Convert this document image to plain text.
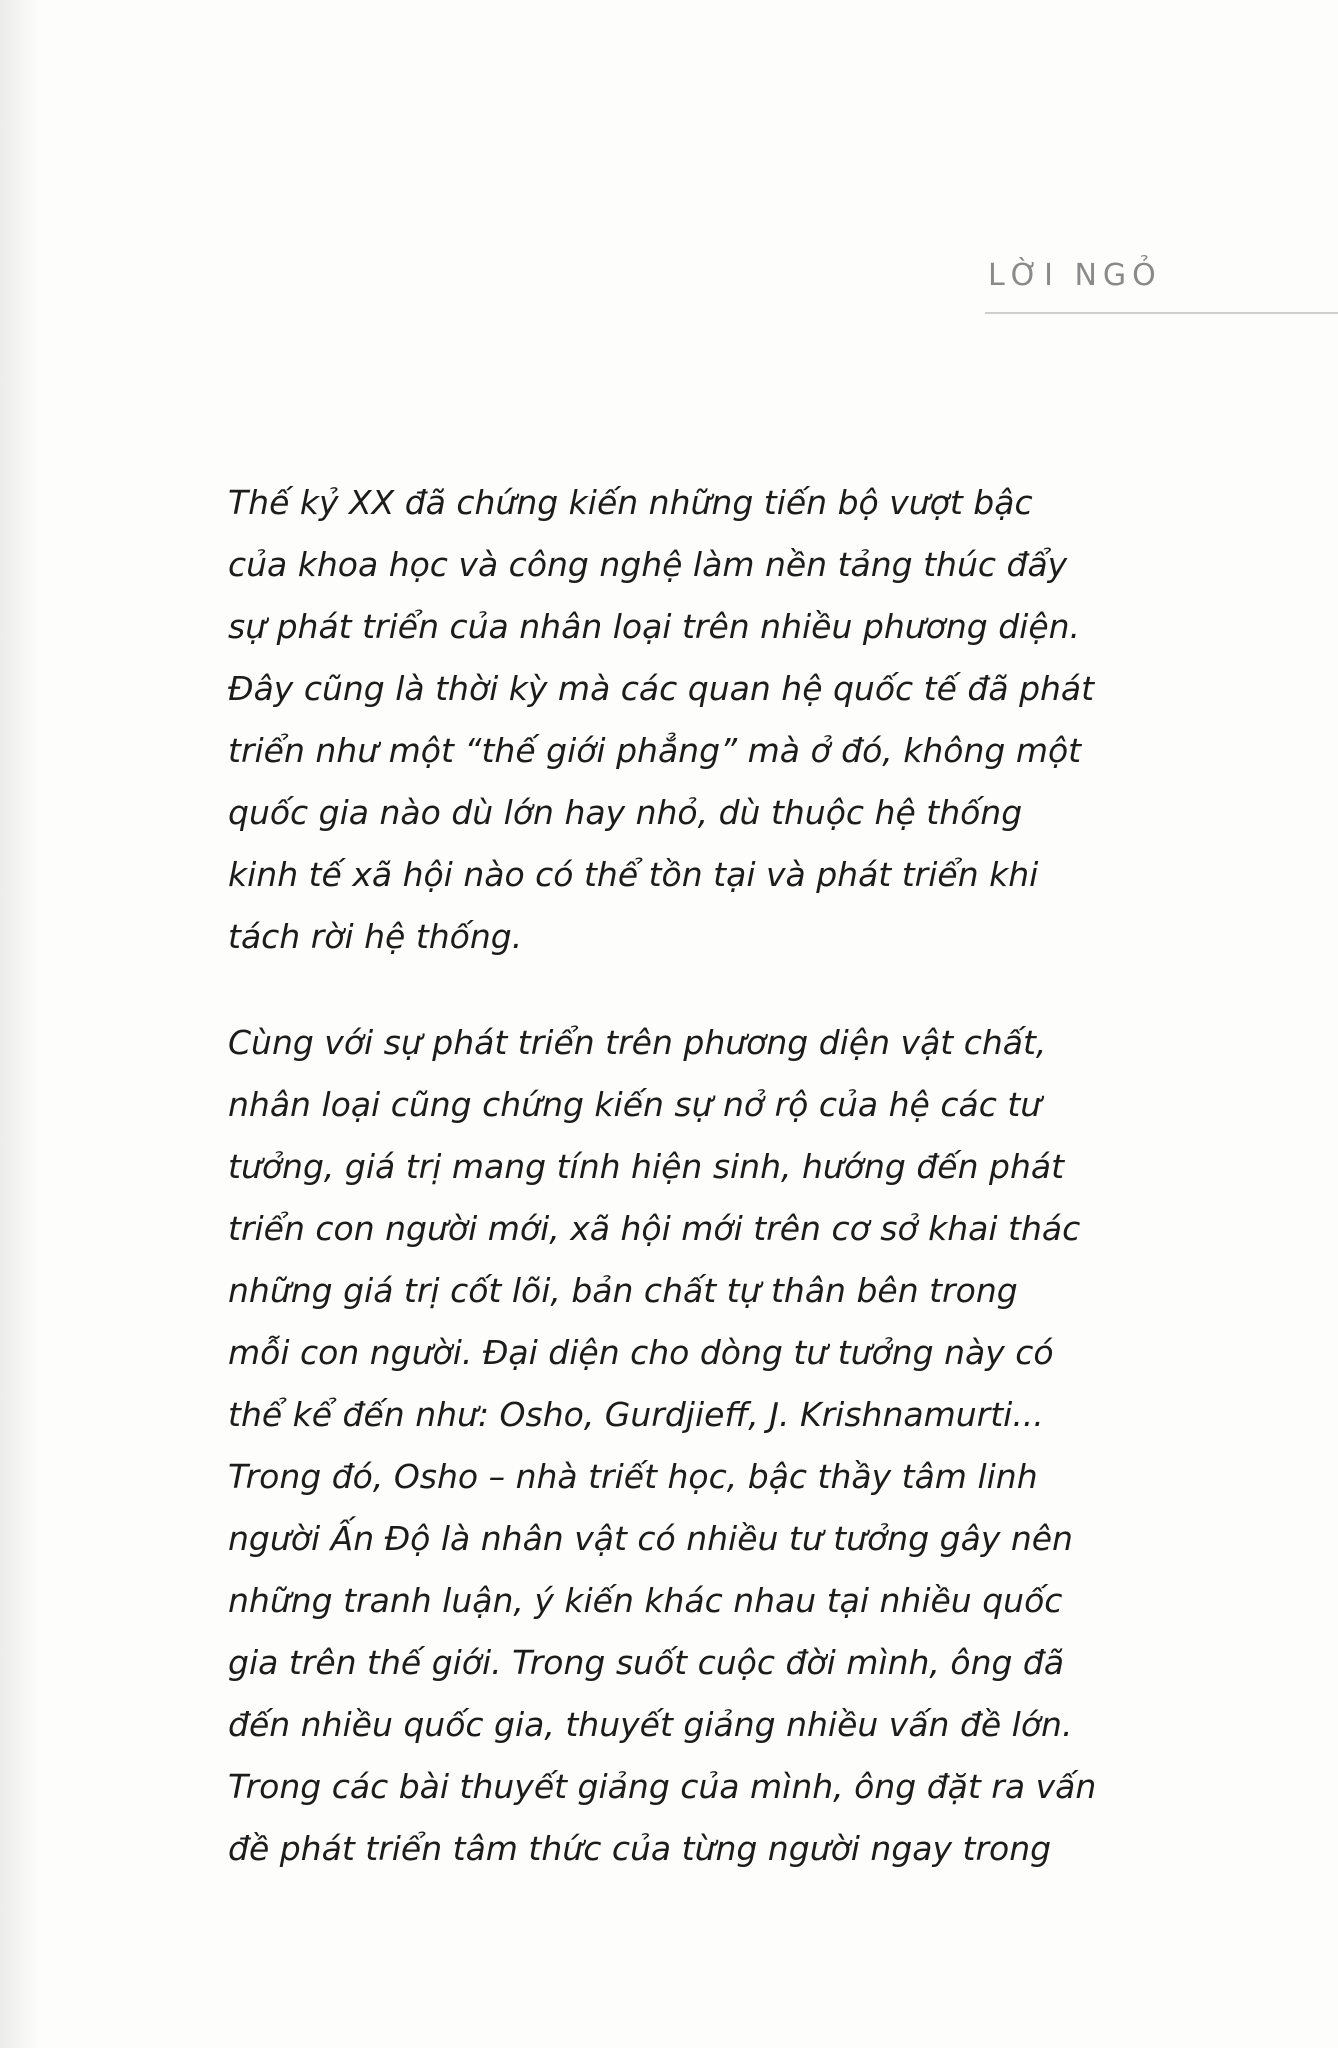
LỜI NGỎ

Thế kỷ XX đã chứng kiến những tiến bộ vượt bậc
của khoa học và công nghệ làm nền tảng thúc đẩy
sự phát triển của nhân loại trên nhiều phương diện.
Đây cũng là thời kỳ mà các quan hệ quốc tế đã phát
triển như một “thế giới phẳng” mà ở đó, không một
quốc gia nào dù lớn hay nhỏ, dù thuộc hệ thống
kinh tế xã hội nào có thể tồn tại và phát triển khi
tách rời hệ thống.

Cùng với sự phát triển trên phương diện vật chất,
nhân loại cũng chứng kiến sự nở rộ của hệ các tư
tưởng, giá trị mang tính hiện sinh, hướng đến phát
triển con người mới, xã hội mới trên cơ sở khai thác
những giá trị cốt lõi, bản chất tự thân bên trong
mỗi con người. Đại diện cho dòng tư tưởng này có
thể kể đến như: Osho, Gurdjieff, J. Krishnamurti...
Trong đó, Osho – nhà triết học, bậc thầy tâm linh
người Ấn Độ là nhân vật có nhiều tư tưởng gây nên
những tranh luận, ý kiến khác nhau tại nhiều quốc
gia trên thế giới. Trong suốt cuộc đời mình, ông đã
đến nhiều quốc gia, thuyết giảng nhiều vấn đề lớn.
Trong các bài thuyết giảng của mình, ông đặt ra vấn
đề phát triển tâm thức của từng người ngay trong
